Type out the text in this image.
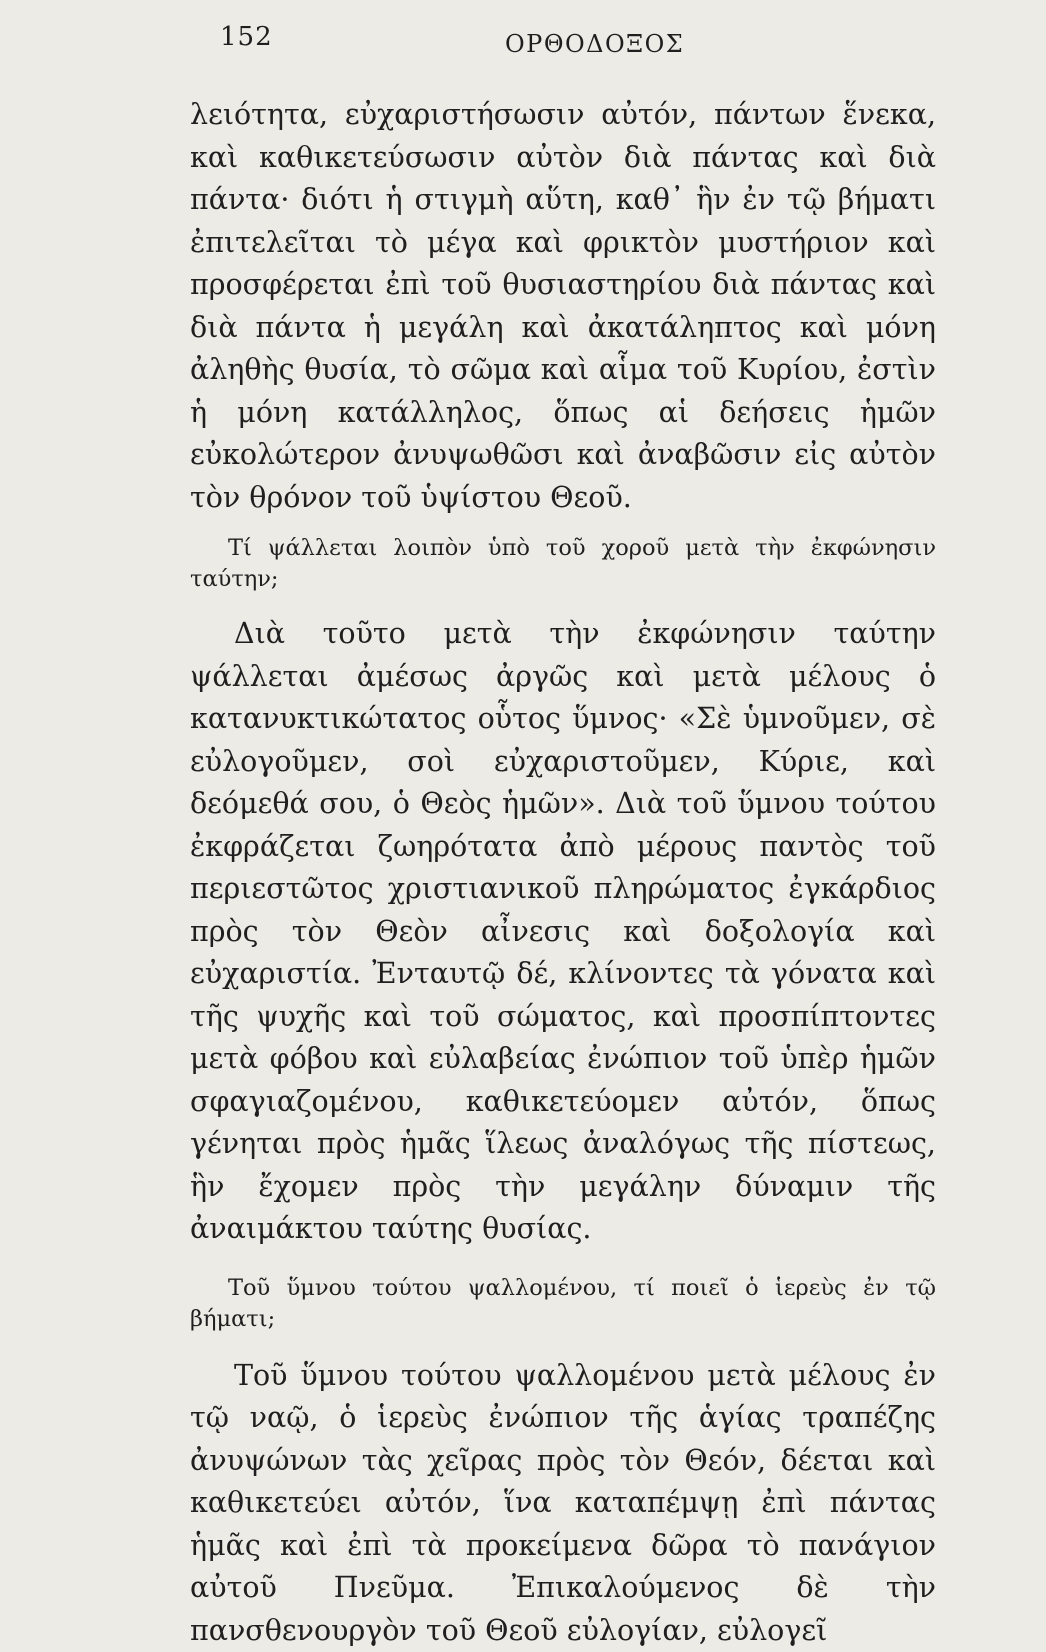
152	ΟΡΘΟΔΟΞΟΣ

λειότητα, εὐχαριστήσωσιν αὐτόν, πάντων ἕνεκα, καὶ καθικετεύσωσιν αὐτὸν διὰ πάντας καὶ διὰ πάντα· διότι ἡ στιγμὴ αὕτη, καθ᾽ ἣν ἐν τῷ βήματι ἐπιτελεῖται τὸ μέγα καὶ φρικτὸν μυστήριον καὶ προσφέρεται ἐπὶ τοῦ θυσιαστηρίου διὰ πάντας καὶ διὰ πάντα ἡ μεγάλη καὶ ἀκατάληπτος καὶ μόνη ἀληθὴς θυσία, τὸ σῶμα καὶ αἷμα τοῦ Κυρίου, ἐστὶν ἡ μόνη κατάλληλος, ὅπως αἱ δεήσεις ἡμῶν εὐκολώτερον ἀνυψωθῶσι καὶ ἀναβῶσιν εἰς αὐτὸν τὸν θρόνον τοῦ ὑψίστου Θεοῦ.

Τί ψάλλεται λοιπὸν ὑπὸ τοῦ χοροῦ μετὰ τὴν ἐκφώνησιν ταύτην;

Διὰ τοῦτο μετὰ τὴν ἐκφώνησιν ταύτην ψάλλεται ἀμέσως ἀργῶς καὶ μετὰ μέλους ὁ κατανυκτικώτατος οὗτος ὕμνος· «Σὲ ὑμνοῦμεν, σὲ εὐλογοῦμεν, σοὶ εὐχαριστοῦμεν, Κύριε, καὶ δεόμεθά σου, ὁ Θεὸς ἡμῶν». Διὰ τοῦ ὕμνου τούτου ἐκφράζεται ζωηρότατα ἀπὸ μέρους παντὸς τοῦ περιεστῶτος χριστιανικοῦ πληρώματος ἐγκάρδιος πρὸς τὸν Θεὸν αἶνεσις καὶ δοξολογία καὶ εὐχαριστία. Ἐνταυτῷ δέ, κλίνοντες τὰ γόνατα καὶ τῆς ψυχῆς καὶ τοῦ σώματος, καὶ προσπίπτοντες μετὰ φόβου καὶ εὐλαβείας ἐνώπιον τοῦ ὑπὲρ ἡμῶν σφαγιαζομένου, καθικετεύομεν αὐτόν, ὅπως γένηται πρὸς ἡμᾶς ἵλεως ἀναλόγως τῆς πίστεως, ἣν ἔχομεν πρὸς τὴν μεγάλην δύναμιν τῆς ἀναιμάκτου ταύτης θυσίας.

Τοῦ ὕμνου τούτου ψαλλομένου, τί ποιεῖ ὁ ἱερεὺς ἐν τῷ βήματι;

Τοῦ ὕμνου τούτου ψαλλομένου μετὰ μέλους ἐν τῷ ναῷ, ὁ ἱερεὺς ἐνώπιον τῆς ἁγίας τραπέζης ἀνυψώνων τὰς χεῖρας πρὸς τὸν Θεόν, δέεται καὶ καθικετεύει αὐτόν, ἵνα καταπέμψῃ ἐπὶ πάντας ἡμᾶς καὶ ἐπὶ τὰ προκείμενα δῶρα τὸ πανάγιον αὐτοῦ Πνεῦμα. Ἐπικαλούμενος δὲ τὴν πανσθενουργὸν τοῦ Θεοῦ εὐλογίαν, εὐλογεῖ
